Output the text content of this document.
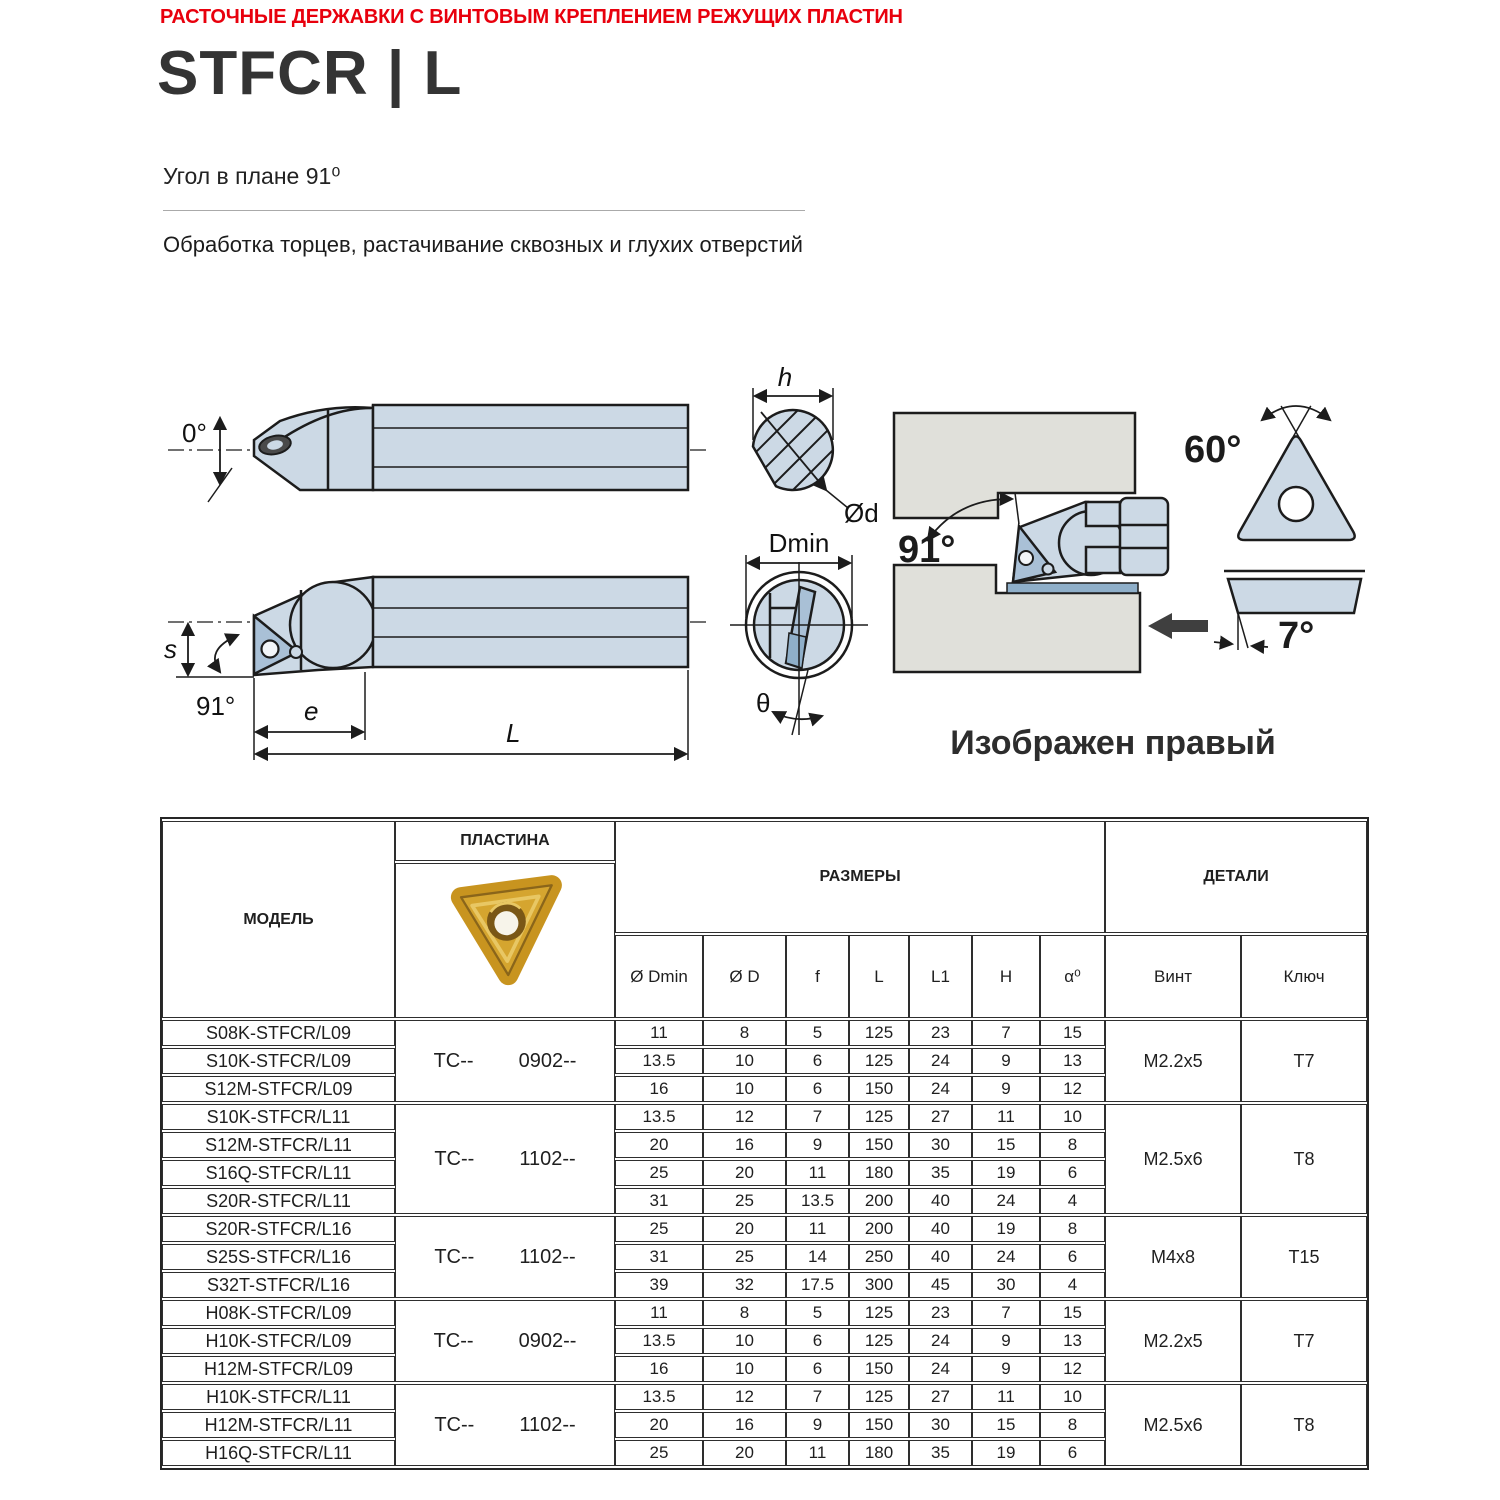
РАСТОЧНЫЕ ДЕРЖАВКИ С ВИНТОВЫМ КРЕПЛЕНИЕМ РЕЖУЩИХ ПЛАСТИН
STFCR | L
Угол в плане 91⁰
Обработка торцев, растачивание сквозных и глухих отверстий
0°
s
91°	e
L
h
Ød
Dmin
θ
91°
Изображен правый
60°
7°
МОДЕЛЬ	ПЛАСТИНА	РАЗМЕРЫ							ДЕТАЛИ	

		Ø Dmin	Ø D	f	L	L1	H	α⁰	Винт	Ключ
S08K-STFCR/L09	TC-- 0902--	11	8	5	125	23	7	15	M2.2x5	T7
S10K-STFCR/L09		13.5	10	6	125	24	9	13		
S12M-STFCR/L09		16	10	6	150	24	9	12		
S10K-STFCR/L11	TC-- 1102--	13.5	12	7	125	27	11	10	M2.5x6	T8
S12M-STFCR/L11		20	16	9	150	30	15	8		
S16Q-STFCR/L11		25	20	11	180	35	19	6		
S20R-STFCR/L11		31	25	13.5	200	40	24	4		
S20R-STFCR/L16	TC-- 1102--	25	20	11	200	40	19	8	M4x8	T15
S25S-STFCR/L16		31	25	14	250	40	24	6		
S32T-STFCR/L16		39	32	17.5	300	45	30	4		
H08K-STFCR/L09	TC-- 0902--	11	8	5	125	23	7	15	M2.2x5	T7
H10K-STFCR/L09		13.5	10	6	125	24	9	13		
H12M-STFCR/L09		16	10	6	150	24	9	12		
H10K-STFCR/L11	TC-- 1102--	13.5	12	7	125	27	11	10	M2.5x6	T8
H12M-STFCR/L11		20	16	9	150	30	15	8		
H16Q-STFCR/L11		25	20	11	180	35	19	6		
